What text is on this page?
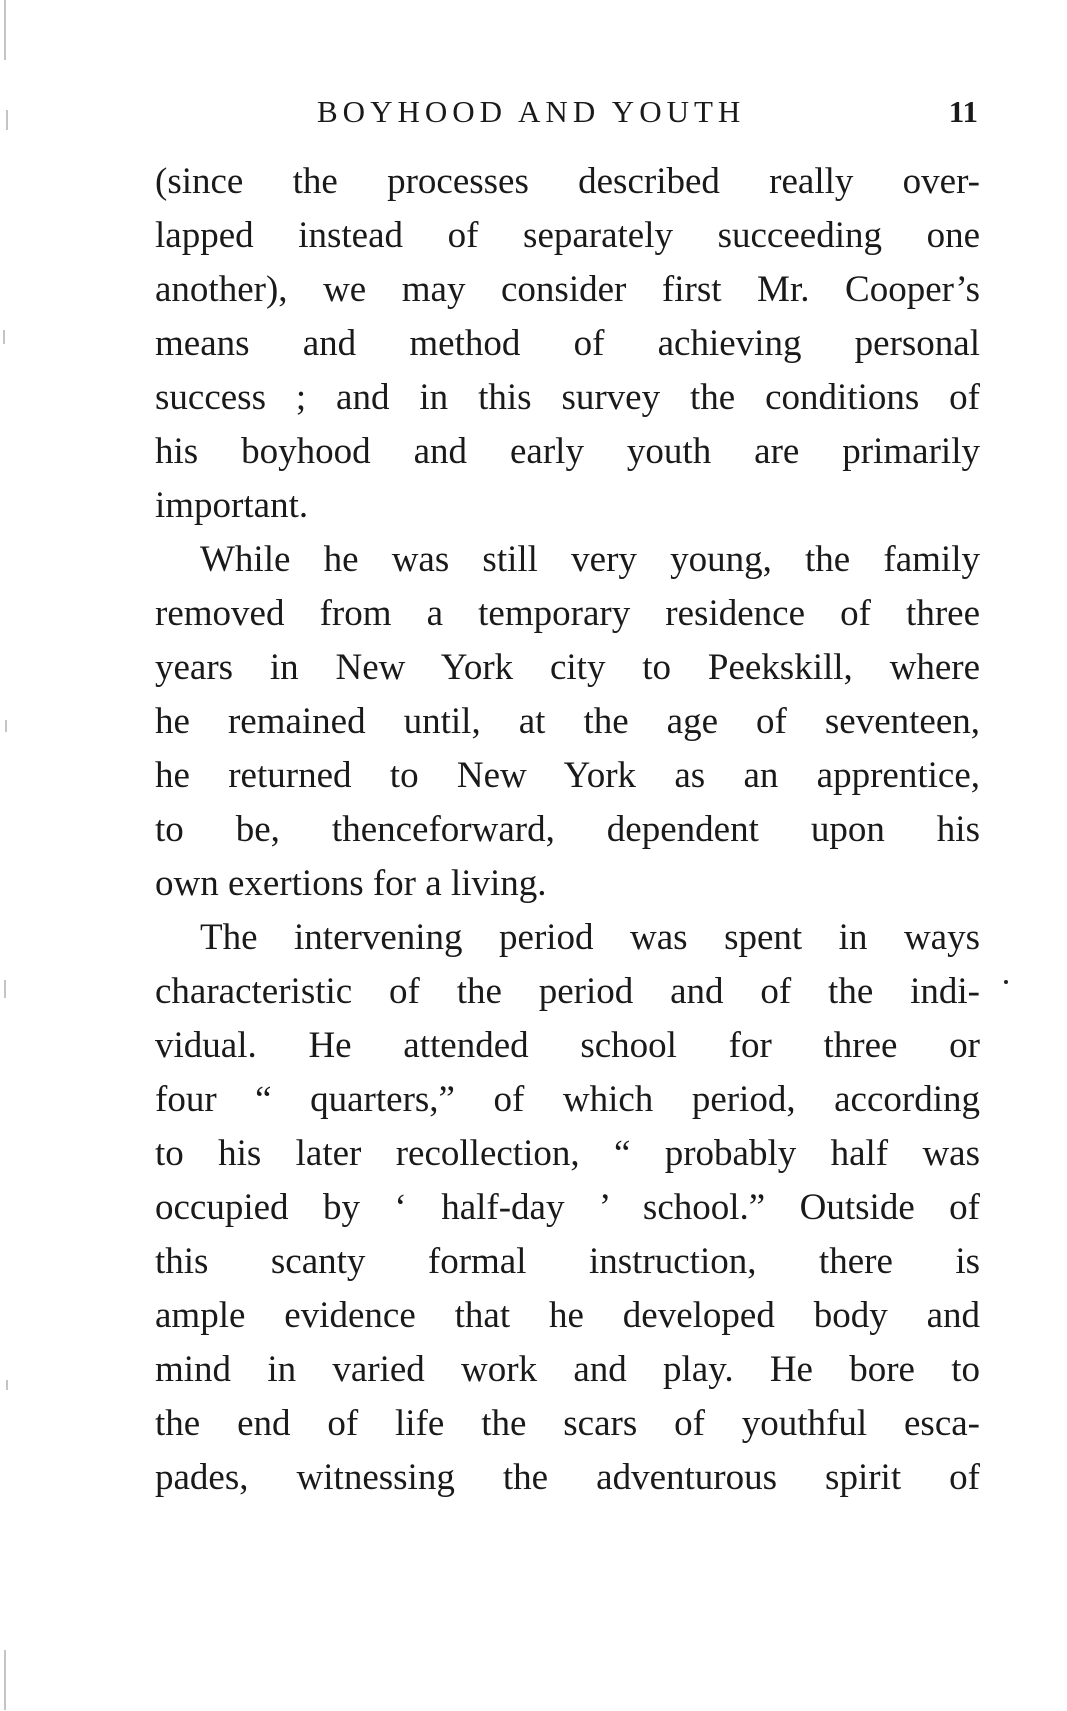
BOYHOOD AND YOUTH	11
(since the processes described really over-
lapped instead of separately succeeding one
another), we may consider first Mr. Cooper’s
means and method of achieving personal
success ; and in this survey the conditions of
his boyhood and early youth are primarily
important.
While he was still very young, the family
removed from a temporary residence of three
years in New York city to Peekskill, where
he remained until, at the age of seventeen,
he returned to New York as an apprentice,
to be, thenceforward, dependent upon his
own exertions for a living.
The intervening period was spent in ways
characteristic of the period and of the indi-
vidual. He attended school for three or
four “ quarters,” of which period, according
to his later recollection, “ probably half was
occupied by ‘ half-day ’ school.” Outside of
this scanty formal instruction, there is
ample evidence that he developed body and
mind in varied work and play. He bore to
the end of life the scars of youthful esca-
pades, witnessing the adventurous spirit of
